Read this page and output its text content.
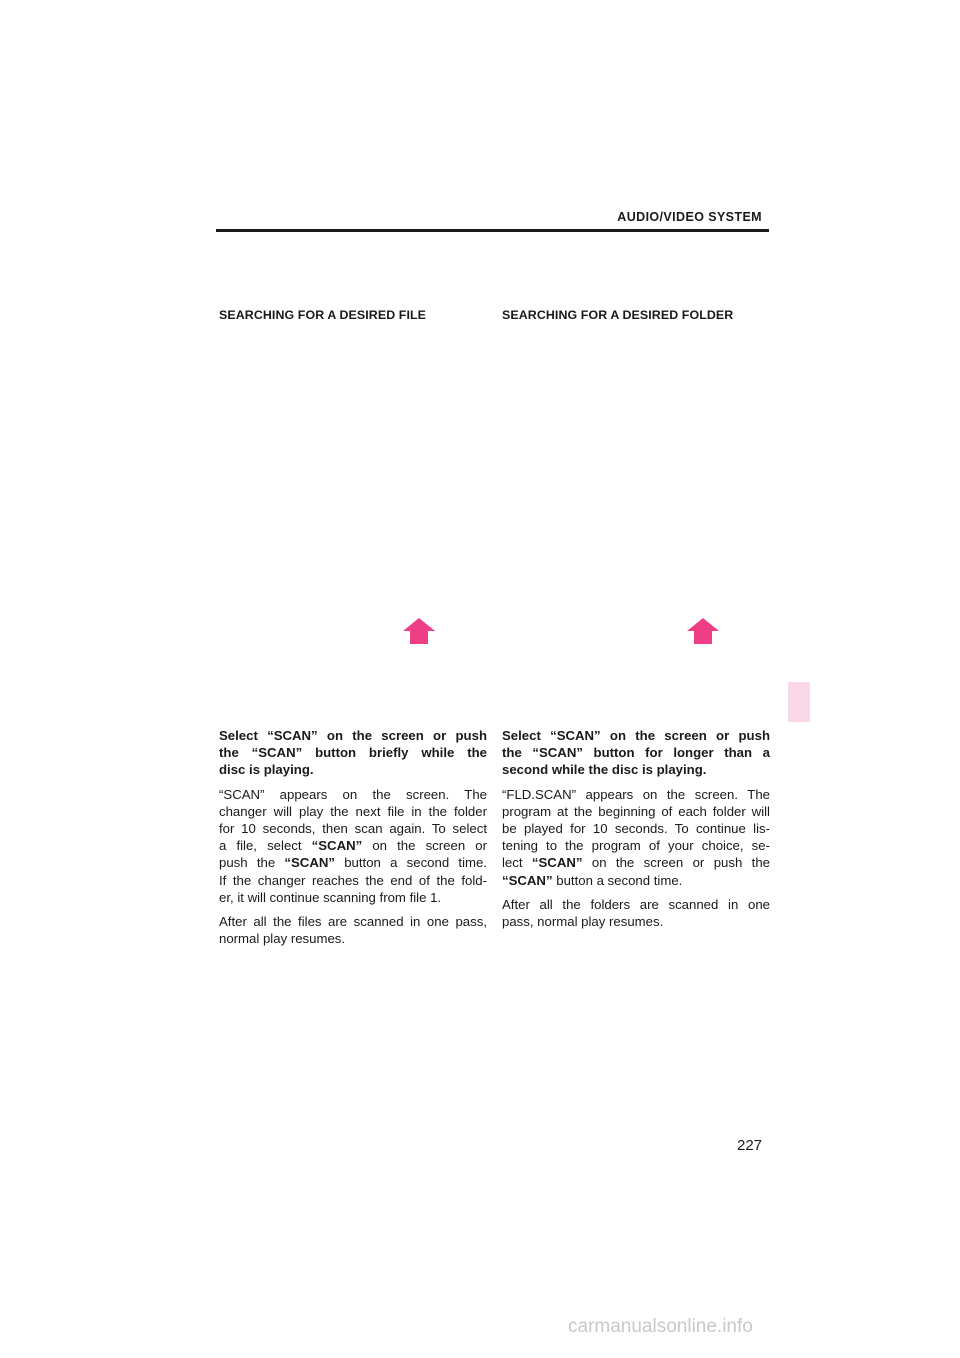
AUDIO/VIDEO SYSTEM
SEARCHING FOR A DESIRED FILE

Select “SCAN” on the screen or push
the “SCAN” button briefly while the
disc is playing.

“SCAN” appears on the screen. The
changer will play the next file in the folder
for 10 seconds, then scan again. To select
a file, select “SCAN” on the screen or
push the “SCAN” button a second time.
If the changer reaches the end of the fold-
er, it will continue scanning from file 1.

After all the files are scanned in one pass,
normal play resumes.

SEARCHING FOR A DESIRED FOLDER

Select “SCAN” on the screen or push
the “SCAN” button for longer than a
second while the disc is playing.

“FLD.SCAN” appears on the screen. The
program at the beginning of each folder will
be played for 10 seconds. To continue lis-
tening to the program of your choice, se-
lect “SCAN” on the screen or push the
“SCAN” button a second time.

After all the folders are scanned in one
pass, normal play resumes.

227
carmanualsonline.info
